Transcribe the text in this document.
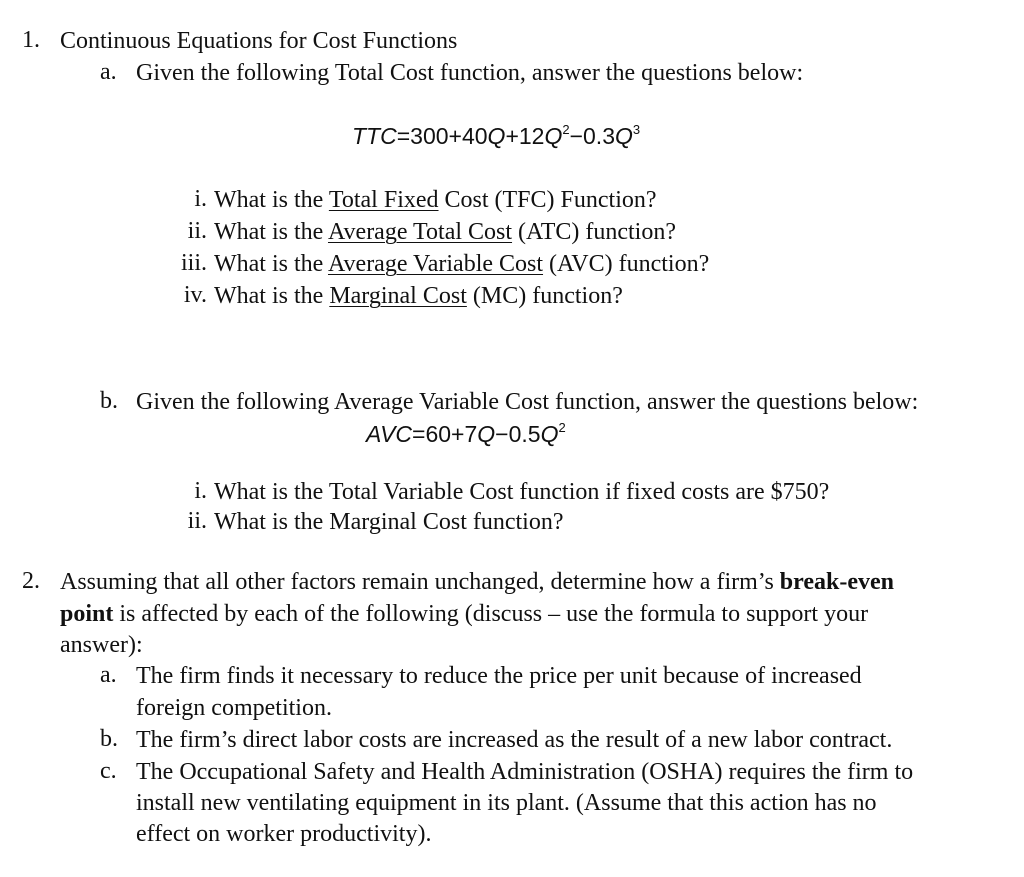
1. Continuous Equations for Cost Functions
a. Given the following Total Cost function, answer the questions below:
$TTC=300+40Q+12Q^2-0.3Q^3$
i. What is the Total Fixed Cost (TFC) Function?
ii. What is the Average Total Cost (ATC) function?
iii. What is the Average Variable Cost (AVC) function?
iv. What is the Marginal Cost (MC) function?
b. Given the following Average Variable Cost function, answer the questions below:
$AVC=60+7Q-0.5Q^2$
i. What is the Total Variable Cost function if fixed costs are $750?
ii. What is the Marginal Cost function?
2. Assuming that all other factors remain unchanged, determine how a firm’s break-even
point is affected by each of the following (discuss – use the formula to support your
answer):
a. The firm finds it necessary to reduce the price per unit because of increased
foreign competition.
b. The firm’s direct labor costs are increased as the result of a new labor contract.
c. The Occupational Safety and Health Administration (OSHA) requires the firm to
install new ventilating equipment in its plant. (Assume that this action has no
effect on worker productivity).
